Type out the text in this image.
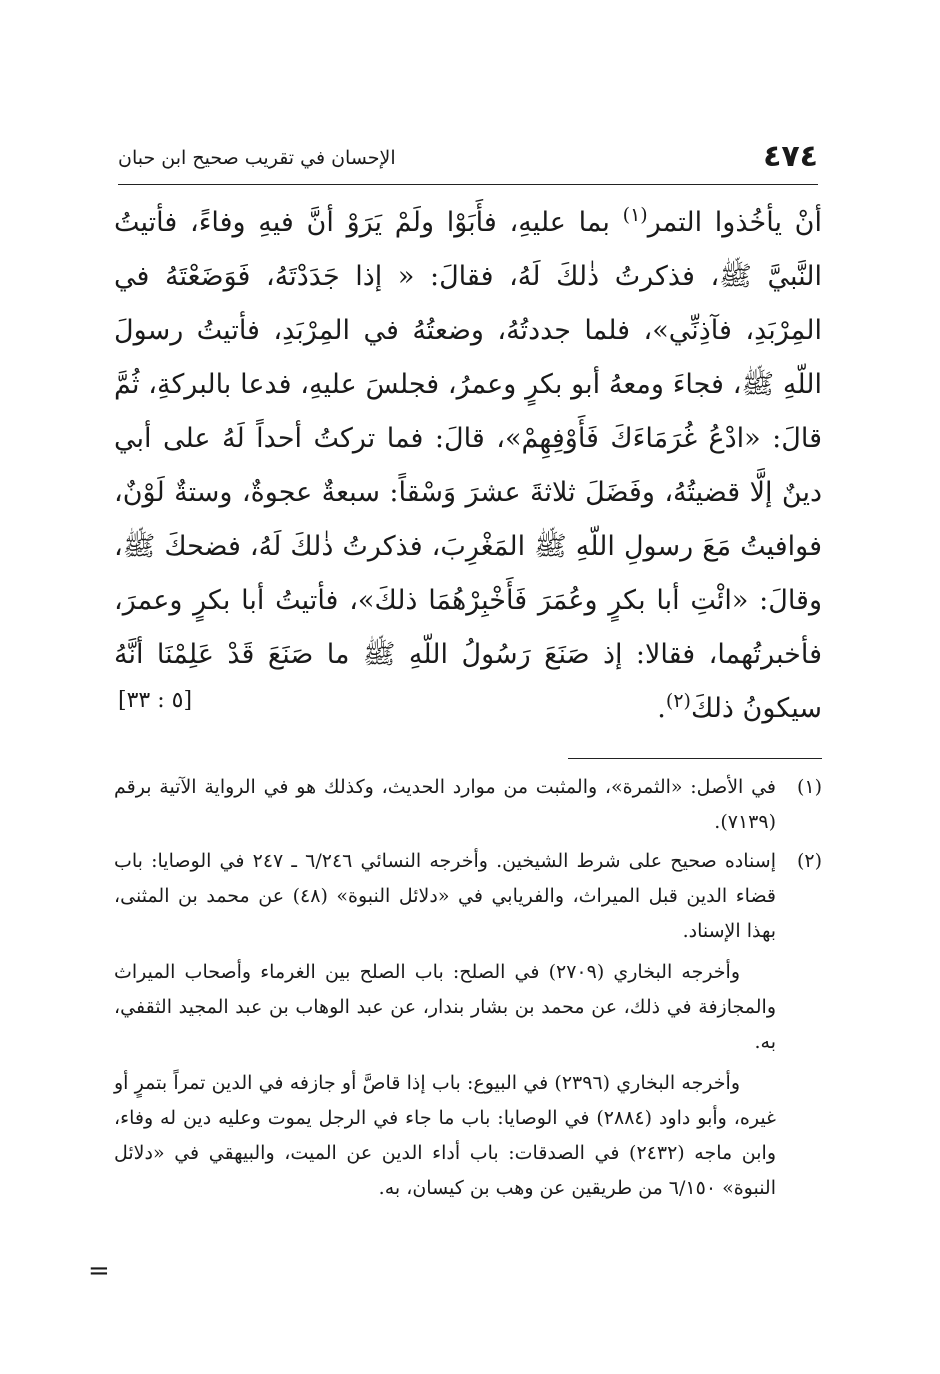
٤٧٤
الإحسان في تقريب صحيح ابن حبان

أنْ يأخُذوا التمر$^{(١)}$ بما عليهِ، فأَبَوْا ولَمْ يَرَوْ أنَّ فيهِ وفاءً، فأتيتُ النَّبيَّ ﷺ، فذكرتُ ذٰلكَ لَهُ، فقالَ: « إذا جَدَدْتَهُ، فَوَضَعْتَهُ في المِرْبَدِ، فآذِنِّي»، فلما جددتُهُ، وضعتُهُ في المِرْبَدِ، فأتيتُ رسولَ اللّهِ ﷺ، فجاءَ ومعهُ أبو بكرٍ وعمرُ، فجلسَ عليهِ، فدعا بالبركةِ، ثُمَّ قالَ: «ادْعُ غُرَمَاءَكَ فَأَوْفِهِمْ»، قالَ: فما تركتُ أحداً لَهُ على أبي دينٌ إلَّا قضيتُهُ، وفَضَلَ ثلاثةَ عشرَ وَسْقاً: سبعةٌ عجوةٌ، وستةٌ لَوْنٌ، فوافيتُ مَعَ رسولِ اللّهِ ﷺ المَغْرِبَ، فذكرتُ ذٰلكَ لَهُ، فضحكَ ﷺ، وقالَ: «ائْتِ أبا بكرٍ وعُمَرَ فَأَخْبِرْهُمَا ذلكَ»، فأتيتُ أبا بكرٍ وعمرَ، فأخبرتُهما، فقالا: إذ صَنَعَ رَسُولُ اللّهِ ﷺ ما صَنَعَ قَدْ عَلِمْنَا أنَّهُ سيكونُ ذلكَ$^{(٢)}$.

[٥ : ٣٣]
(١)

في الأصل: «الثمرة»، والمثبت من موارد الحديث، وكذلك هو في الرواية الآتية برقم (٧١٣٩).

(٢)

إسناده صحيح على شرط الشيخين. وأخرجه النسائي ٦/٢٤٦ ـ ٢٤٧ في الوصايا: باب قضاء الدين قبل الميراث، والفريابي في «دلائل النبوة» (٤٨) عن محمد بن المثنى، بهذا الإسناد.

وأخرجه البخاري (٢٧٠٩) في الصلح: باب الصلح بين الغرماء وأصحاب الميراث والمجازفة في ذلك، عن محمد بن بشار بندار، عن عبد الوهاب بن عبد المجيد الثقفي، به.

وأخرجه البخاري (٢٣٩٦) في البيوع: باب إذا قاصَّ أو جازفه في الدين تمراً بتمرٍ أو غيره، وأبو داود (٢٨٨٤) في الوصايا: باب ما جاء في الرجل يموت وعليه دين له وفاء، وابن ماجه (٢٤٣٢) في الصدقات: باب أداء الدين عن الميت، والبيهقي في «دلائل النبوة» ٦/١٥٠ من طريقين عن وهب بن كيسان، به.

=
